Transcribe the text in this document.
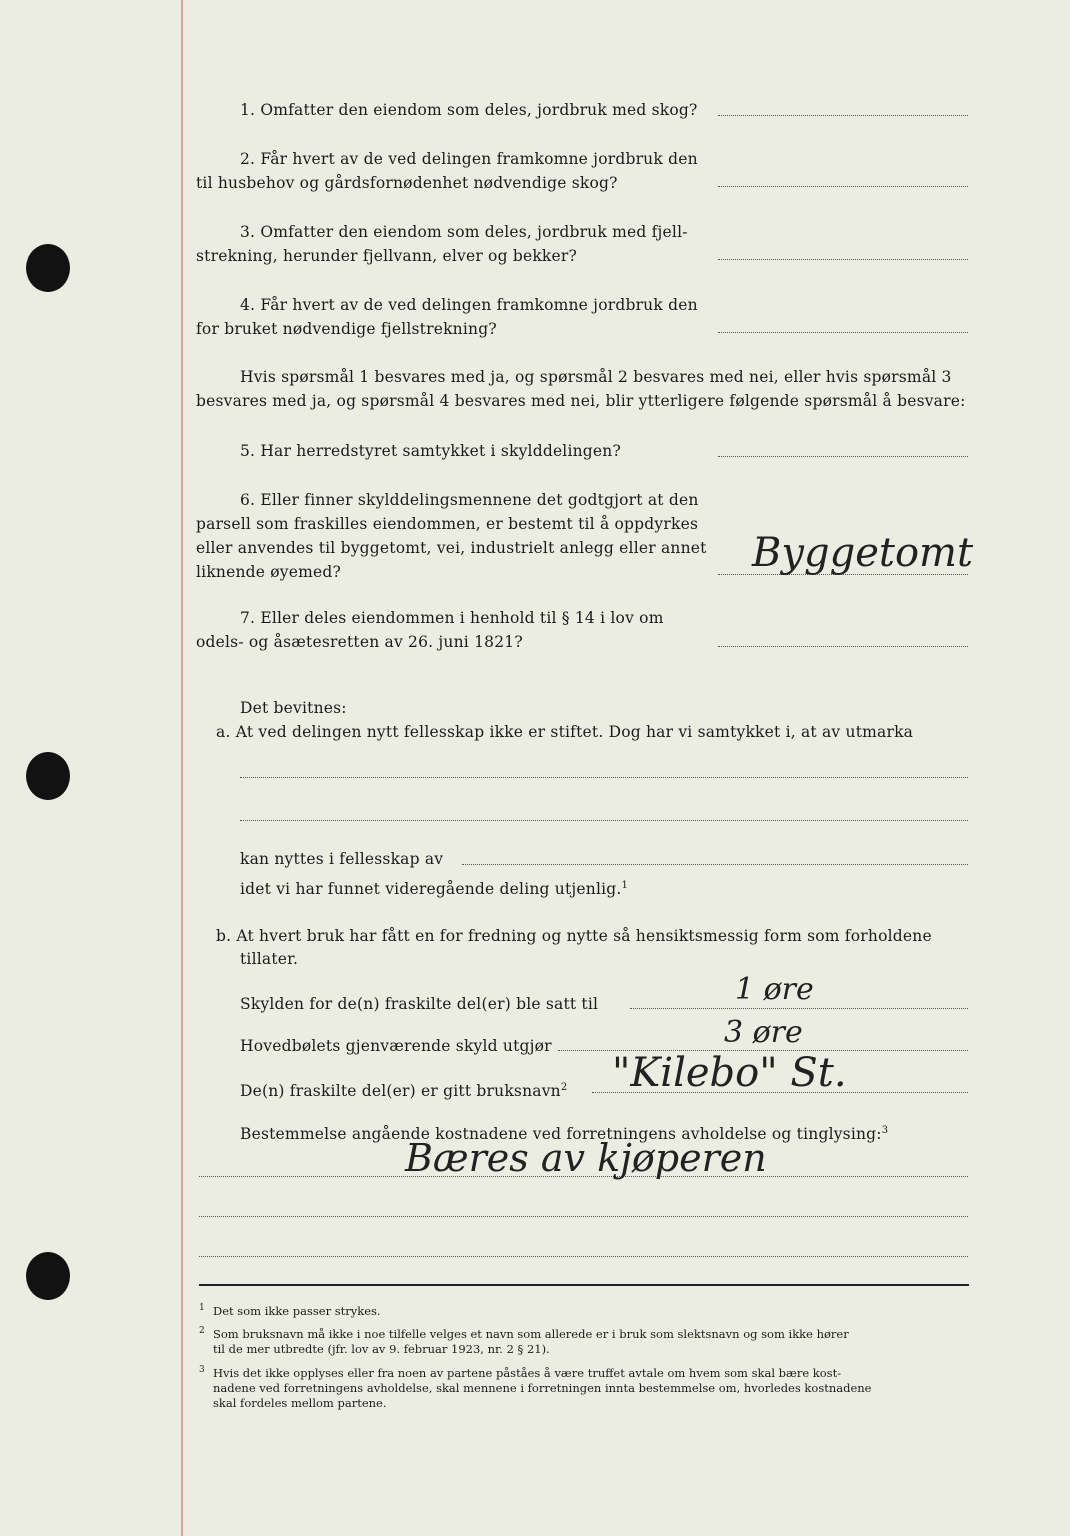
1. Omfatter den eiendom som deles, jordbruk med skog?
2. Får hvert av de ved delingen framkomne jordbruk den
til husbehov og gårdsfornødenhet nødvendige skog?
3. Omfatter den eiendom som deles, jordbruk med fjell-
strekning, herunder fjellvann, elver og bekker?
4. Får hvert av de ved delingen framkomne jordbruk den
for bruket nødvendige fjellstrekning?
Hvis spørsmål 1 besvares med ja, og spørsmål 2 besvares med nei, eller hvis spørsmål 3
besvares med ja, og spørsmål 4 besvares med nei, blir ytterligere følgende spørsmål å besvare:
5. Har herredstyret samtykket i skylddelingen?
6. Eller finner skylddelingsmennene det godtgjort at den
parsell som fraskilles eiendommen, er bestemt til å oppdyrkes
eller anvendes til byggetomt, vei, industrielt anlegg eller annet
liknende øyemed?	Byggetomt
7. Eller deles eiendommen i henhold til § 14 i lov om
odels- og åsætesretten av 26. juni 1821?
Det bevitnes:
a. At ved delingen nytt fellesskap ikke er stiftet. Dog har vi samtykket i, at av utmarka
kan nyttes i fellesskap av
idet vi har funnet videregående deling utjenlig.$^1$
b. At hvert bruk har fått en for fredning og nytte så hensiktsmessig form som forholdene
tillater.
Skylden for de(n) fraskilte del(er) ble satt til	1 øre
Hovedbølets gjenværende skyld utgjør	3 øre
De(n) fraskilte del(er) er gitt bruksnavn$^2$ "Kilebo" St.
Bestemmelse angående kostnadene ved forretningens avholdelse og tinglysing:$^3$
Bæres av kjøperen
1 Det som ikke passer strykes.
2 Som bruksnavn må ikke i noe tilfelle velges et navn som allerede er i bruk som slektsnavn og som ikke hører
til de mer utbredte (jfr. lov av 9. februar 1923, nr. 2 § 21).
3 Hvis det ikke opplyses eller fra noen av partene påståes å være truffet avtale om hvem som skal bære kost-
nadene ved forretningens avholdelse, skal mennene i forretningen innta bestemmelse om, hvorledes kostnadene
skal fordeles mellom partene.
